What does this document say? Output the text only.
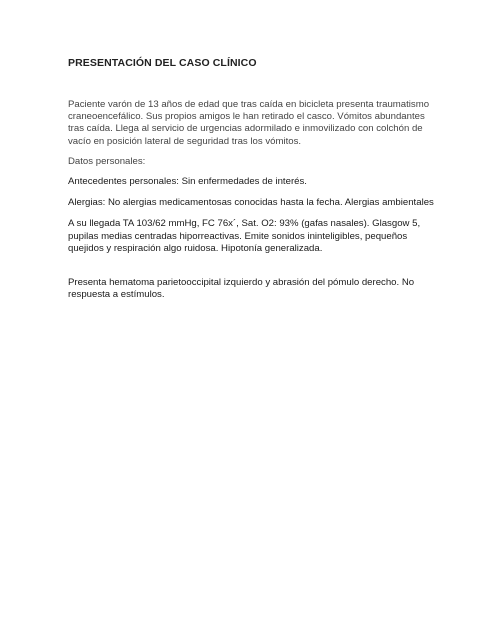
PRESENTACIÓN DEL CASO CLÍNICO

Paciente varón de 13 años de edad que tras caída en bicicleta presenta traumatismo craneoencefálico. Sus propios amigos le han retirado el casco. Vómitos abundantes tras caída. Llega al servicio de urgencias adormilado e inmovilizado con colchón de vacío en posición lateral de seguridad tras los vómitos.

Datos personales:

Antecedentes personales: Sin enfermedades de interés.

Alergias: No alergias medicamentosas conocidas hasta la fecha. Alergias ambientales

A su llegada TA 103/62 mmHg, FC 76x´, Sat. O2: 93% (gafas nasales). Glasgow 5, pupilas medias centradas hiporreactivas. Emite sonidos ininteligibles, pequeños quejidos y respiración algo ruidosa. Hipotonía generalizada.

Presenta hematoma parietooccipital izquierdo y abrasión del pómulo derecho. No respuesta a estímulos.
